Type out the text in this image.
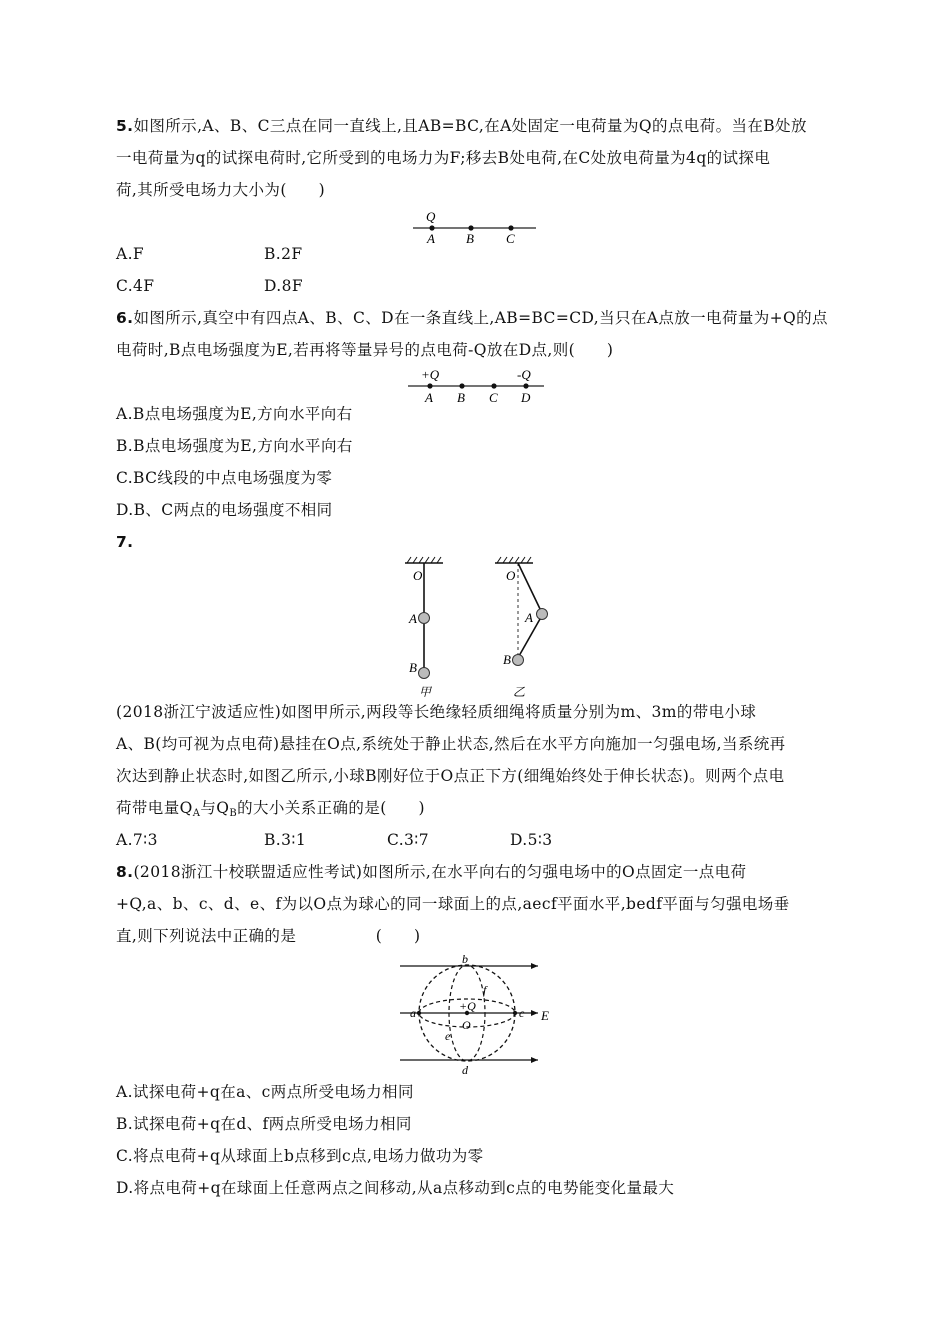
5.如图所示,A、B、C三点在同一直线上,且AB=BC,在A处固定一电荷量为Q的点电荷。当在B处放
一电荷量为q的试探电荷时,它所受到的电场力为F;移去B处电荷,在C处放电荷量为4q的试探电
荷,其所受电场力大小为(　　)
Q
A B C
A.F	B.2F
C.4F	D.8F
6.如图所示,真空中有四点A、B、C、D在一条直线上,AB=BC=CD,当只在A点放一电荷量为+Q的点
电荷时,B点电场强度为E,若再将等量异号的点电荷-Q放在D点,则(　　)
+Q	-Q
A B C D
A.B点电场强度为E,方向水平向右
B.B点电场强度为E,方向水平向右
C.BC线段的中点电场强度为零
D.B、C两点的电场强度不相同
7.
O
A
B
甲
O
A
B
乙
(2018浙江宁波适应性)如图甲所示,两段等长绝缘轻质细绳将质量分别为m、3m的带电小球
A、B(均可视为点电荷)悬挂在O点,系统处于静止状态,然后在水平方向施加一匀强电场,当系统再
次达到静止状态时,如图乙所示,小球B刚好位于O点正下方(细绳始终处于伸长状态)。则两个点电
荷带电量$Q_A$与$Q_B$的大小关系正确的是(　　)
A.7∶3	B.3∶1	C.3∶7	D.5∶3
8.(2018浙江十校联盟适应性考试)如图所示,在水平向右的匀强电场中的O点固定一点电荷
+Q,a、b、c、d、e、f为以O点为球心的同一球面上的点,aecf平面水平,bedf平面与匀强电场垂
直,则下列说法中正确的是　　　　　(　　)
b
f
a	+Q
O
c E
e
d
A.试探电荷+q在a、c两点所受电场力相同
B.试探电荷+q在d、f两点所受电场力相同
C.将点电荷+q从球面上b点移到c点,电场力做功为零
D.将点电荷+q在球面上任意两点之间移动,从a点移动到c点的电势能变化量最大
